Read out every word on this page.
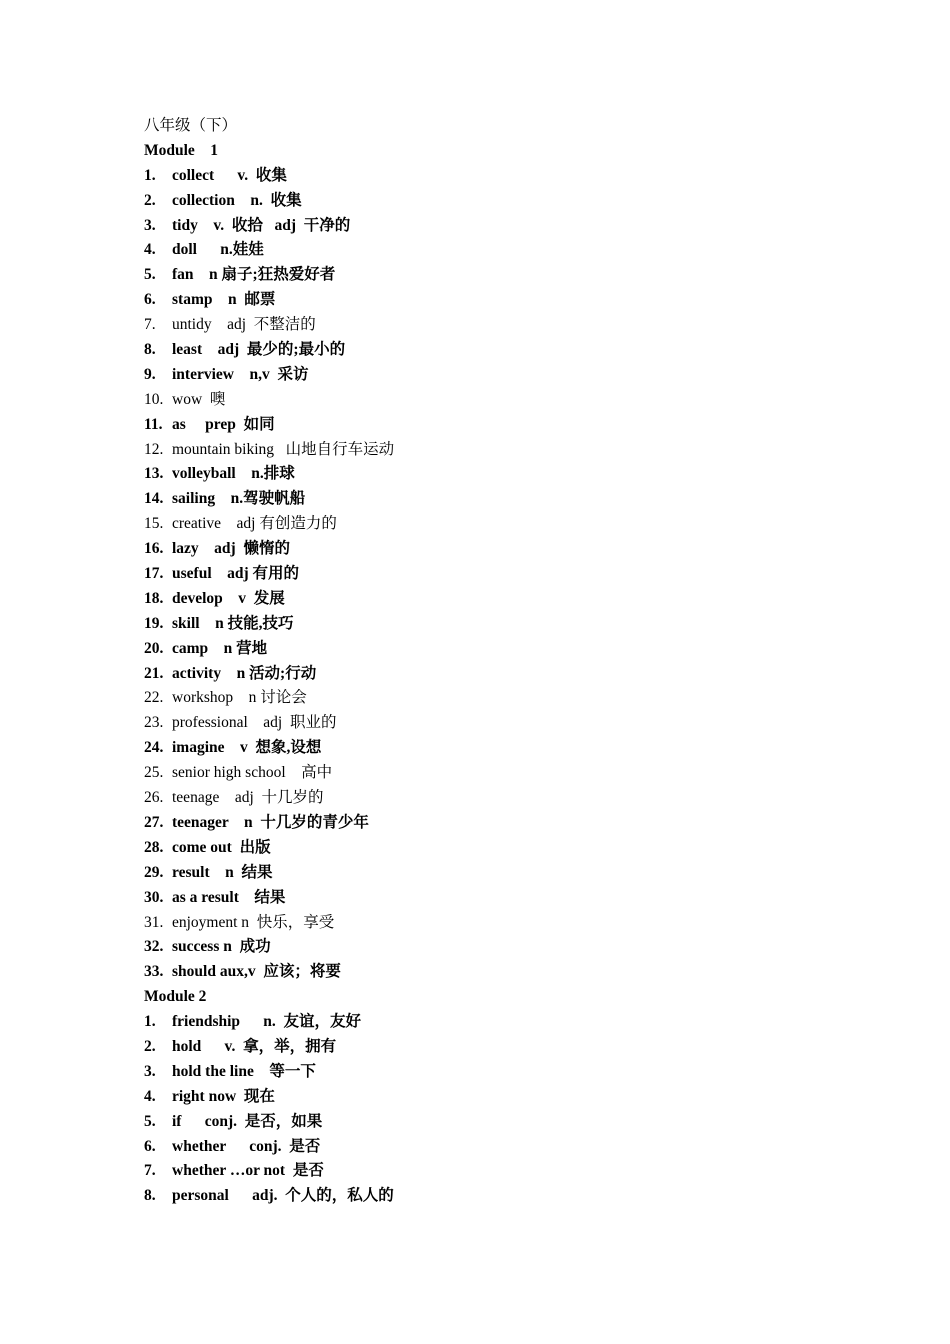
八年级（下）
Module    1
1.	collect      v.  收集
2.	collection    n.  收集
3.	tidy    v.  收拾   adj  干净的
4.	doll      n.娃娃
5.	fan    n 扇子;狂热爱好者
6.	stamp    n  邮票
7.	untidy    adj  不整洁的
8.	least    adj  最少的;最小的
9.	interview    n,v  采访
10. wow  噢
11. as     prep  如同
12. mountain biking   山地自行车运动
13. volleyball    n.排球
14. sailing    n.驾驶帆船
15. creative    adj 有创造力的
16. lazy    adj  懒惰的
17. useful    adj 有用的
18. develop    v  发展
19. skill    n 技能,技巧
20. camp    n 营地
21. activity    n 活动;行动
22. workshop    n 讨论会
23. professional    adj  职业的
24. imagine    v  想象,设想
25. senior high school    高中
26. teenage    adj  十几岁的
27. teenager    n  十几岁的青少年
28. come out  出版
29. result    n  结果
30. as a result    结果
31. enjoyment n  快乐，享受
32. success n  成功
33. should aux,v  应该；将要
Module 2
1.	friendship      n.  友谊，友好
2.	hold      v.  拿，举，拥有
3.	hold the line    等一下
4.	right now  现在
5.	if      conj.  是否，如果
6.	whether      conj.  是否
7.	whether …or not  是否
8.	personal      adj.  个人的，私人的
